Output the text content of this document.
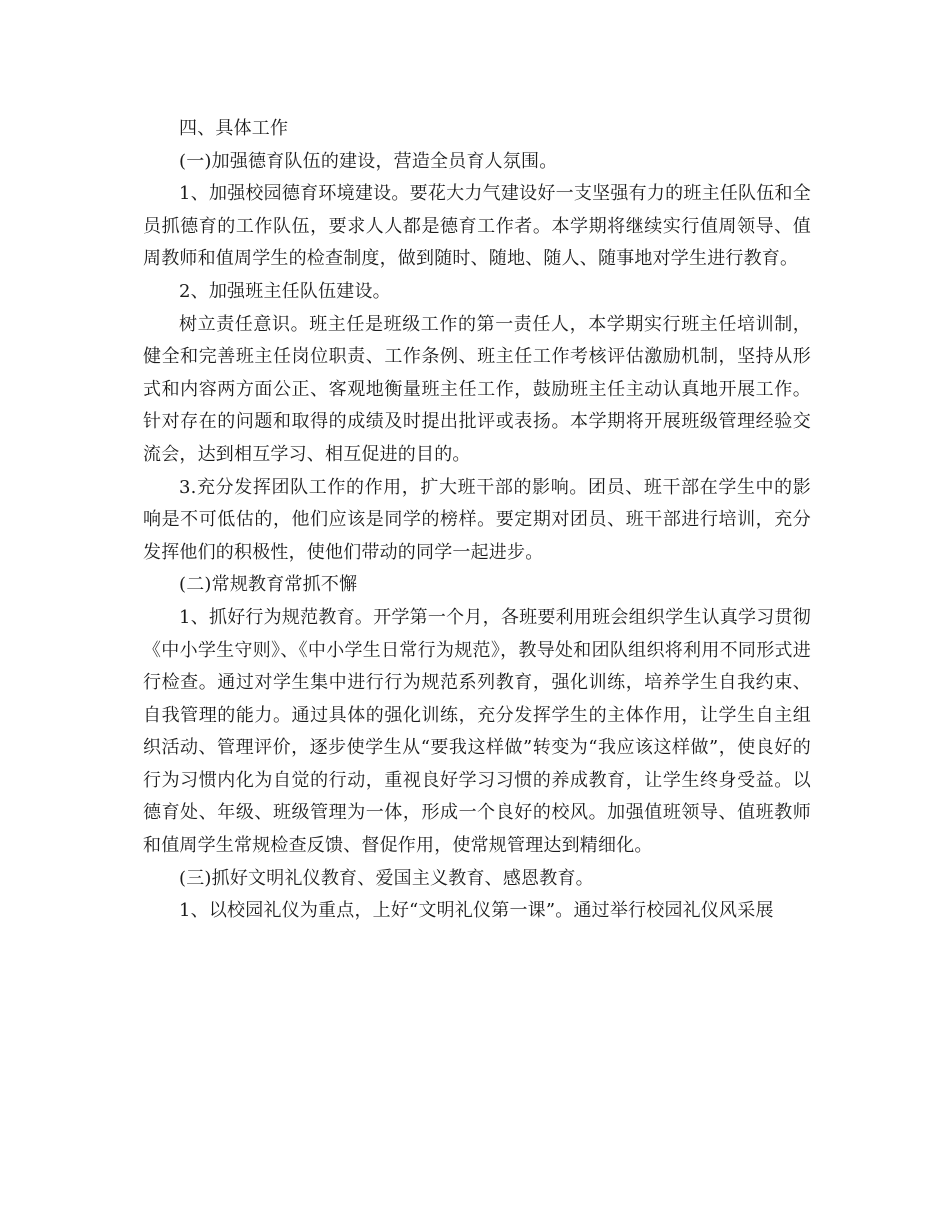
四、具体工作

(一)加强德育队伍的建设，营造全员育人氛围。

1、加强校园德育环境建设。要花大力气建设好一支坚强有力的班主任队伍和全员抓德育的工作队伍，要求人人都是德育工作者。本学期将继续实行值周领导、值周教师和值周学生的检查制度，做到随时、随地、随人、随事地对学生进行教育。

2、加强班主任队伍建设。

树立责任意识。班主任是班级工作的第一责任人，本学期实行班主任培训制，健全和完善班主任岗位职责、工作条例、班主任工作考核评估激励机制，坚持从形式和内容两方面公正、客观地衡量班主任工作，鼓励班主任主动认真地开展工作。针对存在的问题和取得的成绩及时提出批评或表扬。本学期将开展班级管理经验交流会，达到相互学习、相互促进的目的。

3.充分发挥团队工作的作用，扩大班干部的影响。团员、班干部在学生中的影响是不可低估的，他们应该是同学的榜样。要定期对团员、班干部进行培训，充分发挥他们的积极性，使他们带动的同学一起进步。

(二)常规教育常抓不懈

1、抓好行为规范教育。开学第一个月，各班要利用班会组织学生认真学习贯彻《中小学生守则》、《中小学生日常行为规范》，教导处和团队组织将利用不同形式进行检查。通过对学生集中进行行为规范系列教育，强化训练，培养学生自我约束、自我管理的能力。通过具体的强化训练，充分发挥学生的主体作用，让学生自主组织活动、管理评价，逐步使学生从“要我这样做”转变为“我应该这样做”，使良好的行为习惯内化为自觉的行动，重视良好学习习惯的养成教育，让学生终身受益。以德育处、年级、班级管理为一体，形成一个良好的校风。加强值班领导、值班教师和值周学生常规检查反馈、督促作用，使常规管理达到精细化。

(三)抓好文明礼仪教育、爱国主义教育、感恩教育。

1、以校园礼仪为重点，上好“文明礼仪第一课”。通过举行校园礼仪风采展
